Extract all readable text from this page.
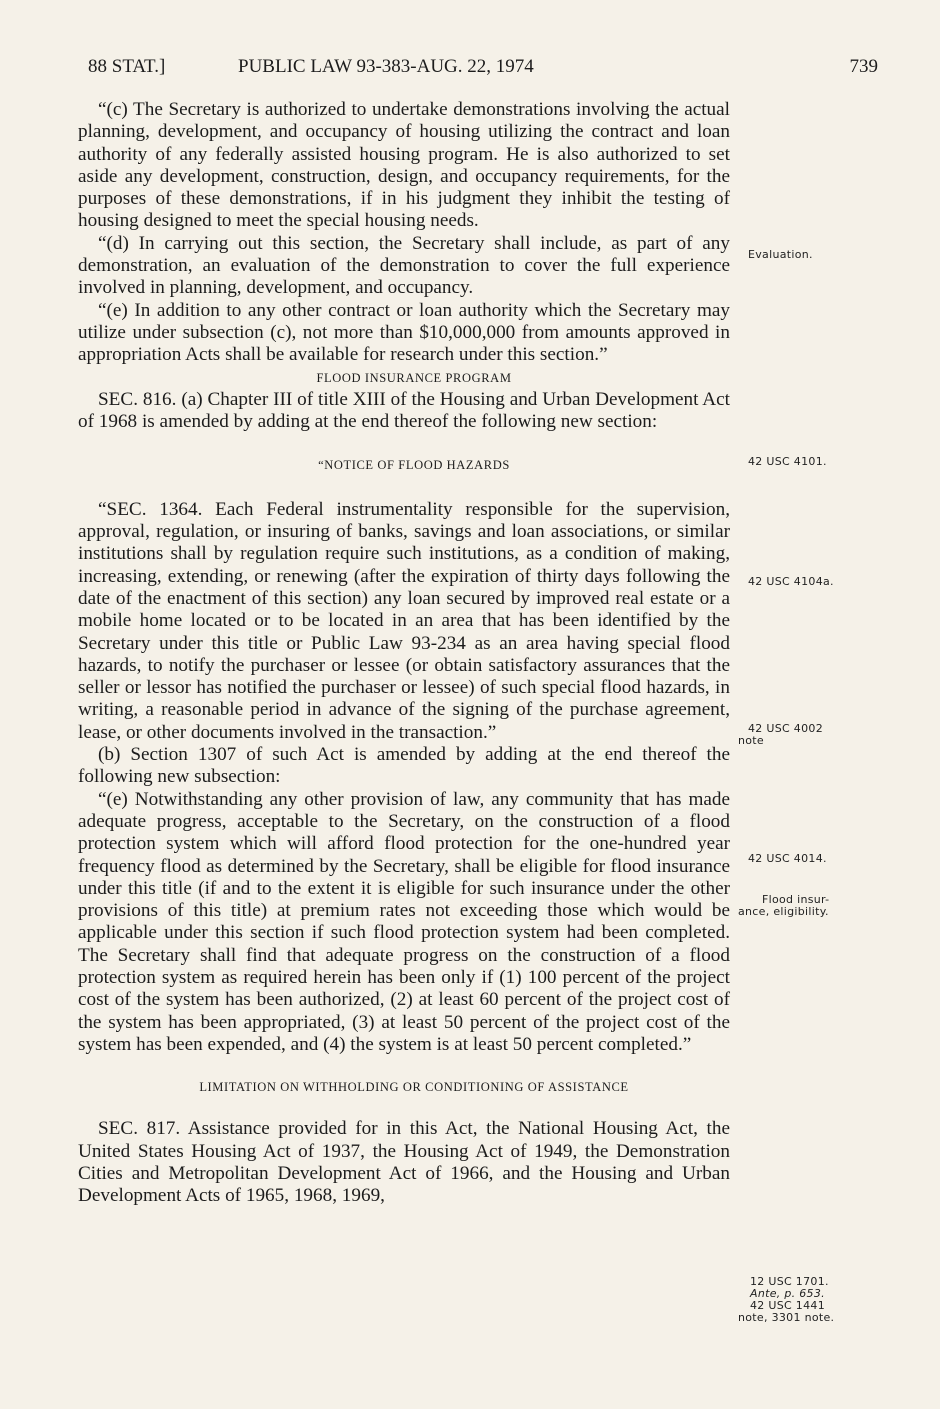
88 STAT.]	PUBLIC LAW 93-383-AUG. 22, 1974	739

“(c) The Secretary is authorized to undertake demonstrations involving the actual planning, development, and occupancy of housing utilizing the contract and loan authority of any federally assisted housing program. He is also authorized to set aside any development, construction, design, and occupancy requirements, for the purposes of these demonstrations, if in his judgment they inhibit the testing of housing designed to meet the special housing needs.

“(d) In carrying out this section, the Secretary shall include, as part of any demonstration, an evaluation of the demonstration to cover the full experience involved in planning, development, and occupancy.

“(e) In addition to any other contract or loan authority which the Secretary may utilize under subsection (c), not more than $10,000,000 from amounts approved in appropriation Acts shall be available for research under this section.”

FLOOD INSURANCE PROGRAM

SEC. 816. (a) Chapter III of title XIII of the Housing and Urban Development Act of 1968 is amended by adding at the end thereof the following new section:

“NOTICE OF FLOOD HAZARDS

“SEC. 1364. Each Federal instrumentality responsible for the supervision, approval, regulation, or insuring of banks, savings and loan associations, or similar institutions shall by regulation require such institutions, as a condition of making, increasing, extending, or renewing (after the expiration of thirty days following the date of the enactment of this section) any loan secured by improved real estate or a mobile home located or to be located in an area that has been identified by the Secretary under this title or Public Law 93-234 as an area having special flood hazards, to notify the purchaser or lessee (or obtain satisfactory assurances that the seller or lessor has notified the purchaser or lessee) of such special flood hazards, in writing, a reasonable period in advance of the signing of the purchase agreement, lease, or other documents involved in the transaction.”

(b) Section 1307 of such Act is amended by adding at the end thereof the following new subsection:

“(e) Notwithstanding any other provision of law, any community that has made adequate progress, acceptable to the Secretary, on the construction of a flood protection system which will afford flood protection for the one-hundred year frequency flood as determined by the Secretary, shall be eligible for flood insurance under this title (if and to the extent it is eligible for such insurance under the other provisions of this title) at premium rates not exceeding those which would be applicable under this section if such flood protection system had been completed. The Secretary shall find that adequate progress on the construction of a flood protection system as required herein has been only if (1) 100 percent of the project cost of the system has been authorized, (2) at least 60 percent of the project cost of the system has been appropriated, (3) at least 50 percent of the project cost of the system has been expended, and (4) the system is at least 50 percent completed.”

LIMITATION ON WITHHOLDING OR CONDITIONING OF ASSISTANCE

SEC. 817. Assistance provided for in this Act, the National Housing Act, the United States Housing Act of 1937, the Housing Act of 1949, the Demonstration Cities and Metropolitan Development Act of 1966, and the Housing and Urban Development Acts of 1965, 1968, 1969,

Evaluation.
42 USC 4101.
42 USC 4104a.
42 USC 4002
note
42 USC 4014.
Flood insur-
ance, eligibility.
12 USC 1701.
Ante, p. 653.
42 USC 1441
note, 3301 note.
